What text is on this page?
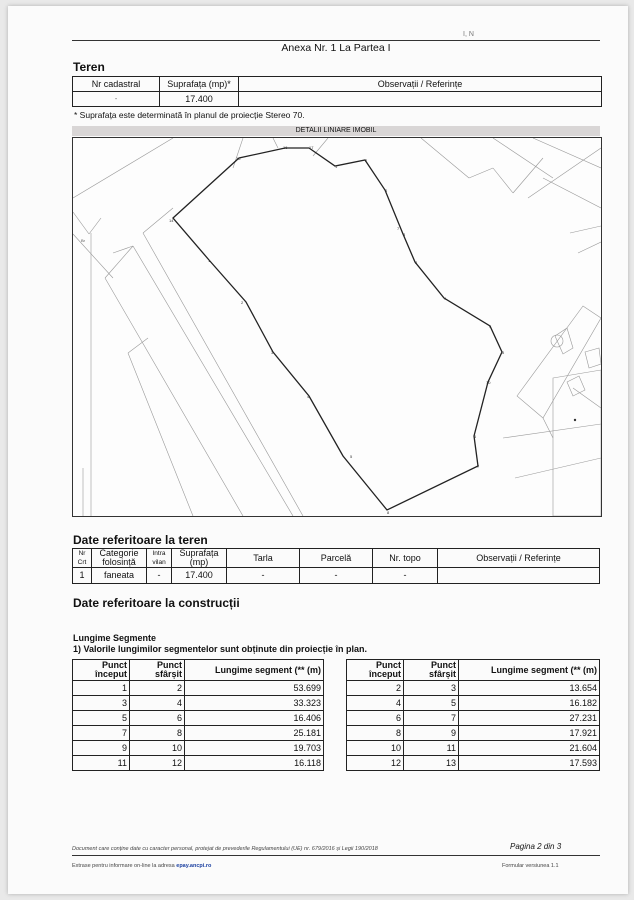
I, N
Anexa Nr. 1 La Partea I
Teren
Nr cadastral	Suprafața (mp)*	Observații / Referințe
-	17.400	
* Suprafața este determinată în planul de proiecție Stereo 70.
DETALII LINIARE IMOBIL
14
15
16	17
1
2
3
4
5
6
7
8
1
2
3
4
5
6
7
8
9
10
Br
Date referitoare la teren
Nr Crt	Categorie folosință	Intra vilan	Suprafața (mp)	Tarla	Parcelă	Nr. topo	Observații / Referințe
1	faneata	-	17.400	-	-	-	
Date referitoare la construcții
Lungime Segmente
1) Valorile lungimilor segmentelor sunt obținute din proiecție în plan.
Punct început	Punct sfârșit	Lungime segment (** (m)
1	2	53.699
3	4	33.323
5	6	16.406
7	8	25.181
9	10	19.703
11	12	16.118
Punct început	Punct sfârșit	Lungime segment (** (m)
2	3	13.654
4	5	16.182
6	7	27.231
8	9	17.921
10	11	21.604
12	13	17.593
Document care conține date cu caracter personal, protejat de prevederile Regulamentului (UE) nr. 679/2016 și Legii 190/2018	Pagina 2 din 3
Extrase pentru informare on-line la adresa epay.ancpi.ro	Formular versiunea 1.1
